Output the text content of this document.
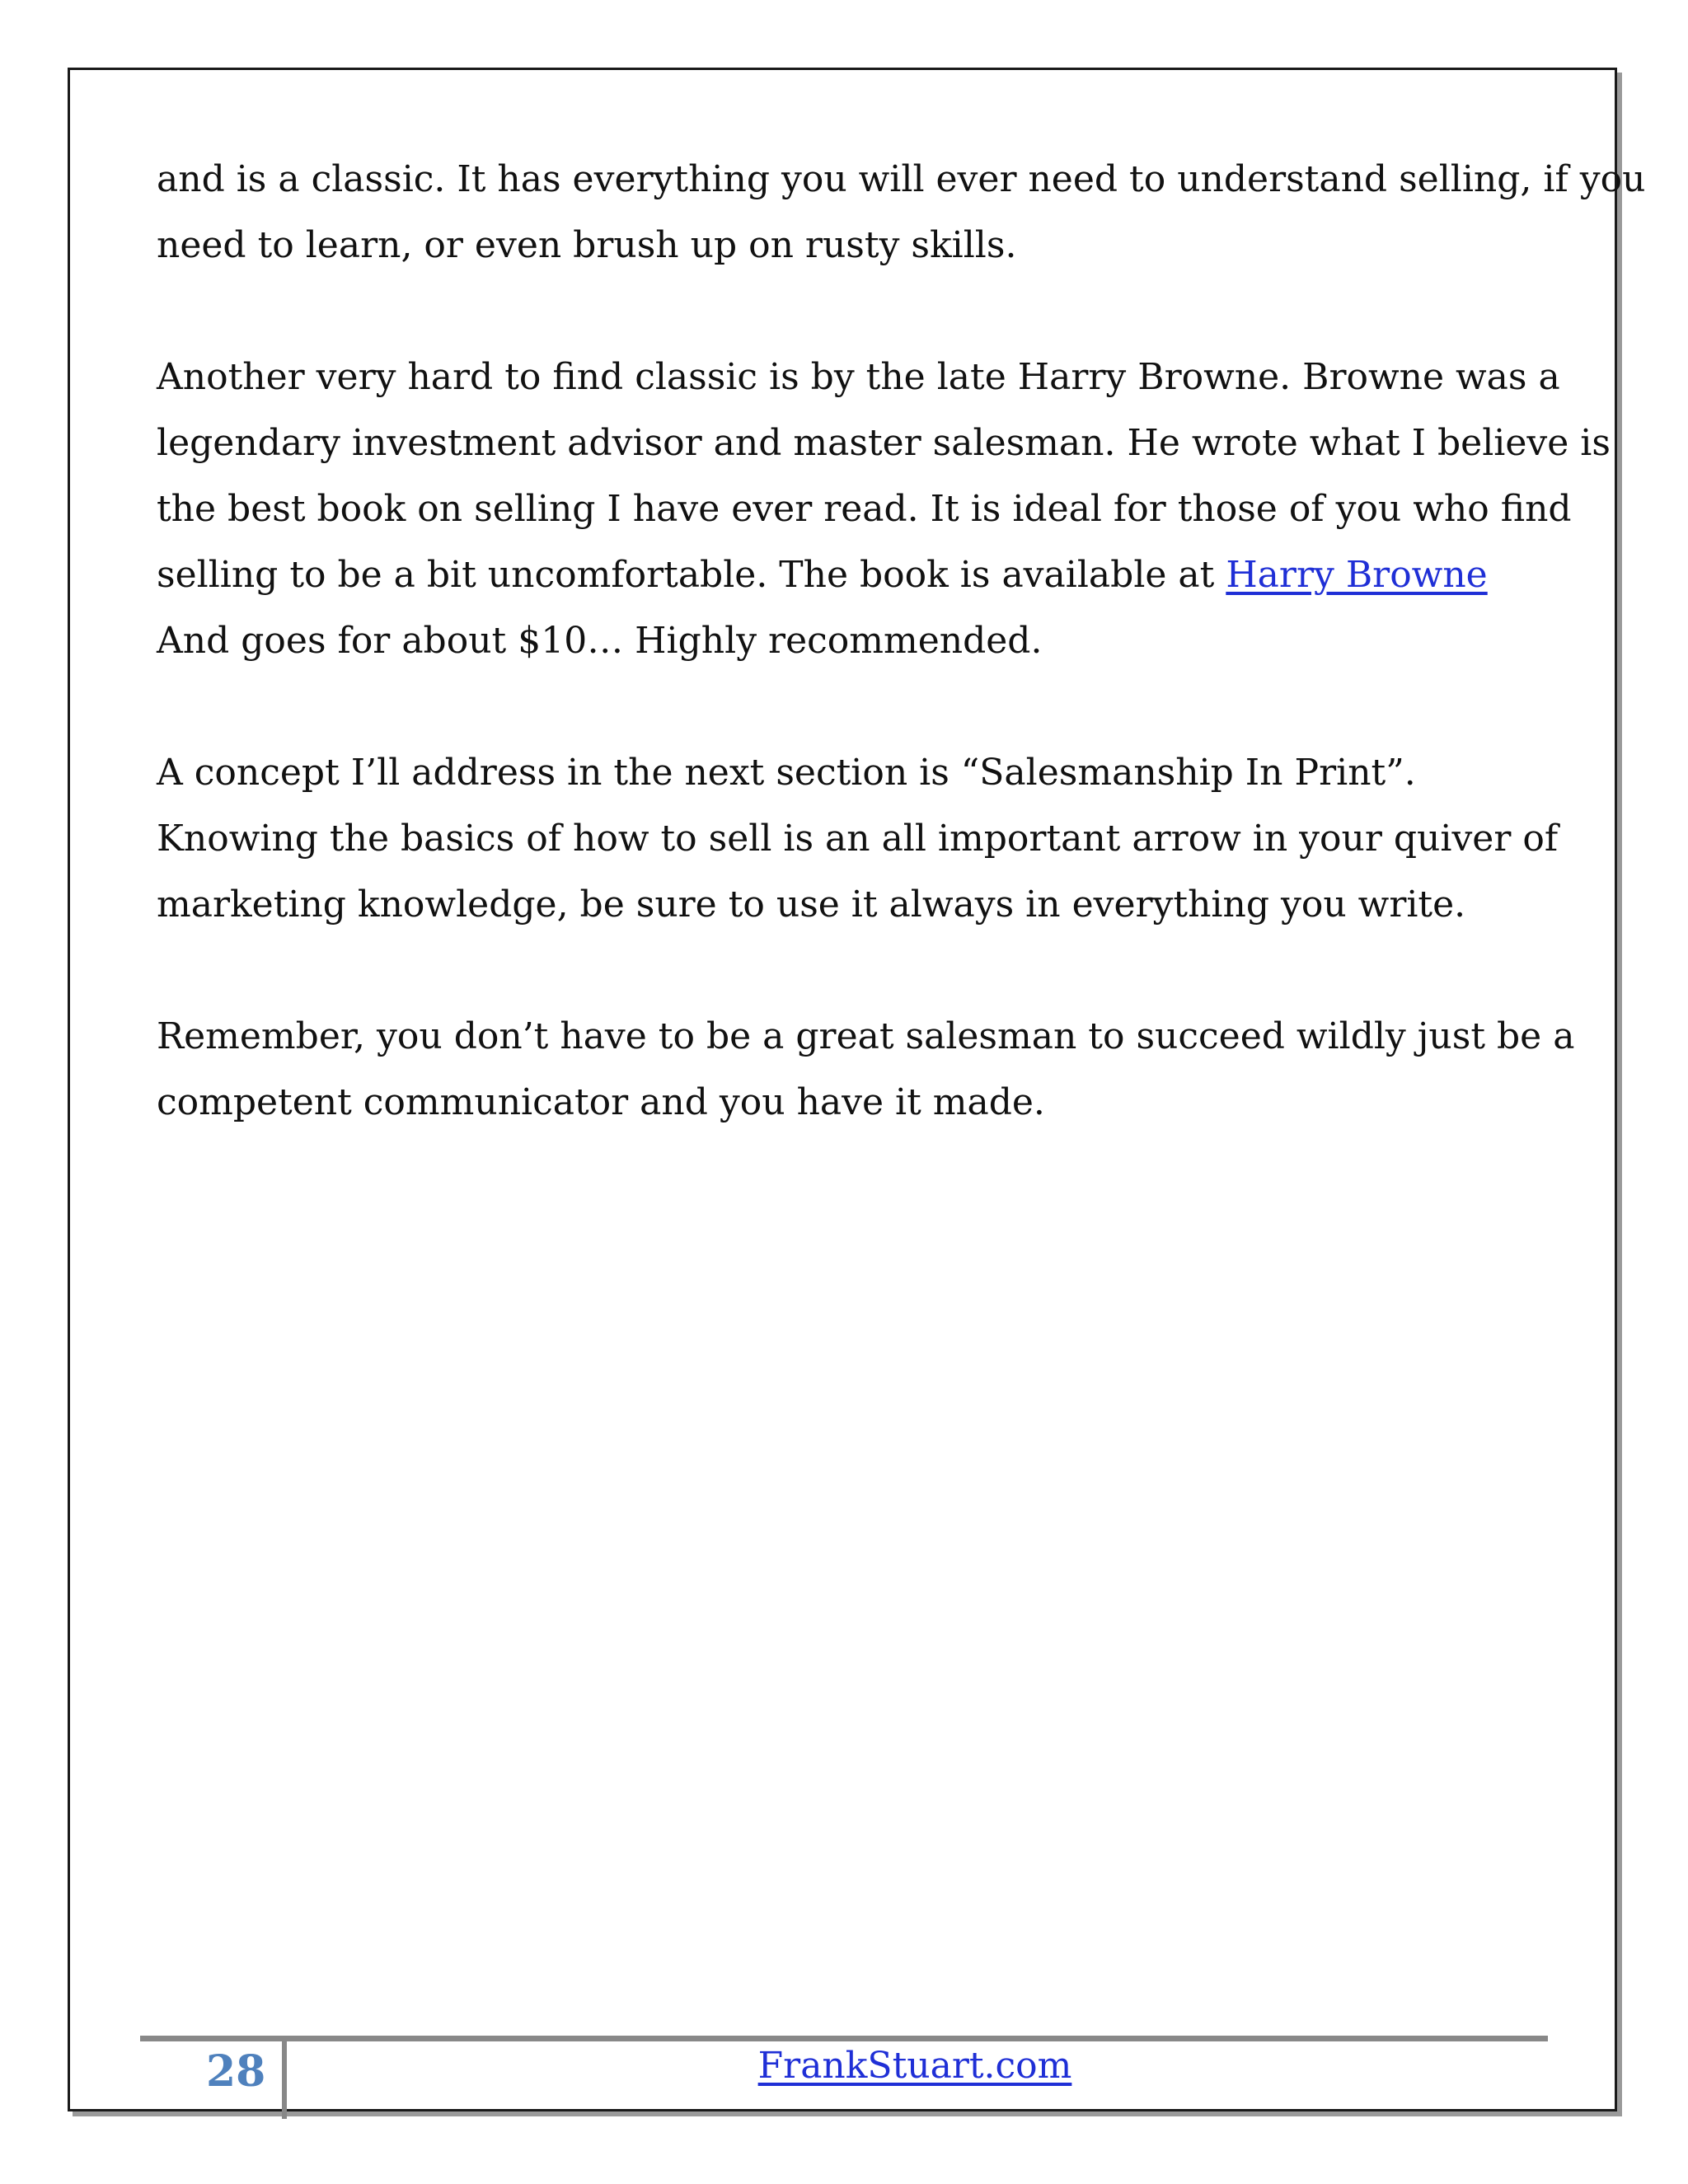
and is a classic. It has everything you will ever need to understand selling, if you
need to learn, or even brush up on rusty skills.

Another very hard to find classic is by the late Harry Browne. Browne was a
legendary investment advisor and master salesman. He wrote what I believe is
the best book on selling I have ever read. It is ideal for those of you who find
selling to be a bit uncomfortable. The book is available at Harry Browne
And goes for about $10… Highly recommended.

A concept I’ll address in the next section is “Salesmanship In Print”.
Knowing the basics of how to sell is an all important arrow in your quiver of
marketing knowledge, be sure to use it always in everything you write.

Remember, you don’t have to be a great salesman to succeed wildly just be a
competent communicator and you have it made.

28	FrankStuart.com
